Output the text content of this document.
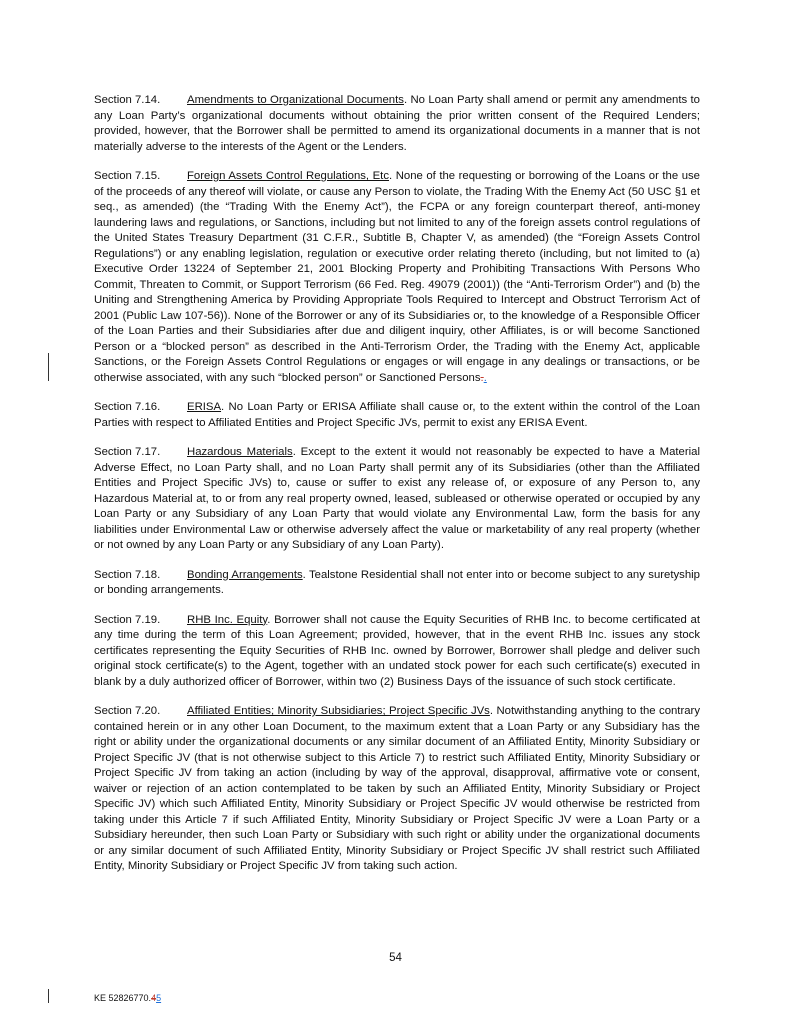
Section 7.14. Amendments to Organizational Documents. No Loan Party shall amend or permit any amendments to any Loan Party’s organizational documents without obtaining the prior written consent of the Required Lenders; provided, however, that the Borrower shall be permitted to amend its organizational documents in a manner that is not materially adverse to the interests of the Agent or the Lenders.

Section 7.15. Foreign Assets Control Regulations, Etc. None of the requesting or borrowing of the Loans or the use of the proceeds of any thereof will violate, or cause any Person to violate, the Trading With the Enemy Act (50 USC §1 et seq., as amended) (the “Trading With the Enemy Act”), the FCPA or any foreign counterpart thereof, anti-money laundering laws and regulations, or Sanctions, including but not limited to any of the foreign assets control regulations of the United States Treasury Department (31 C.F.R., Subtitle B, Chapter V, as amended) (the “Foreign Assets Control Regulations”) or any enabling legislation, regulation or executive order relating thereto (including, but not limited to (a) Executive Order 13224 of September 21, 2001 Blocking Property and Prohibiting Transactions With Persons Who Commit, Threaten to Commit, or Support Terrorism (66 Fed. Reg. 49079 (2001)) (the “Anti-Terrorism Order”) and (b) the Uniting and Strengthening America by Providing Appropriate Tools Required to Intercept and Obstruct Terrorism Act of 2001 (Public Law 107-56)). None of the Borrower or any of its Subsidiaries or, to the knowledge of a Responsible Officer of the Loan Parties and their Subsidiaries after due and diligent inquiry, other Affiliates, is or will become Sanctioned Person or a “blocked person” as described in the Anti-Terrorism Order, the Trading with the Enemy Act, applicable Sanctions, or the Foreign Assets Control Regulations or engages or will engage in any dealings or transactions, or be otherwise associated, with any such “blocked person” or Sanctioned Persons..

Section 7.16. ERISA. No Loan Party or ERISA Affiliate shall cause or, to the extent within the control of the Loan Parties with respect to Affiliated Entities and Project Specific JVs, permit to exist any ERISA Event.

Section 7.17. Hazardous Materials. Except to the extent it would not reasonably be expected to have a Material Adverse Effect, no Loan Party shall, and no Loan Party shall permit any of its Subsidiaries (other than the Affiliated Entities and Project Specific JVs) to, cause or suffer to exist any release of, or exposure of any Person to, any Hazardous Material at, to or from any real property owned, leased, subleased or otherwise operated or occupied by any Loan Party or any Subsidiary of any Loan Party that would violate any Environmental Law, form the basis for any liabilities under Environmental Law or otherwise adversely affect the value or marketability of any real property (whether or not owned by any Loan Party or any Subsidiary of any Loan Party).

Section 7.18. Bonding Arrangements. Tealstone Residential shall not enter into or become subject to any suretyship or bonding arrangements.

Section 7.19. RHB Inc. Equity. Borrower shall not cause the Equity Securities of RHB Inc. to become certificated at any time during the term of this Loan Agreement; provided, however, that in the event RHB Inc. issues any stock certificates representing the Equity Securities of RHB Inc. owned by Borrower, Borrower shall pledge and deliver such original stock certificate(s) to the Agent, together with an undated stock power for each such certificate(s) executed in blank by a duly authorized officer of Borrower, within two (2) Business Days of the issuance of such stock certificate.

Section 7.20. Affiliated Entities; Minority Subsidiaries; Project Specific JVs. Notwithstanding anything to the contrary contained herein or in any other Loan Document, to the maximum extent that a Loan Party or any Subsidiary has the right or ability under the organizational documents or any similar document of an Affiliated Entity, Minority Subsidiary or Project Specific JV (that is not otherwise subject to this Article 7) to restrict such Affiliated Entity, Minority Subsidiary or Project Specific JV from taking an action (including by way of the approval, disapproval, affirmative vote or consent, waiver or rejection of an action contemplated to be taken by such an Affiliated Entity, Minority Subsidiary or Project Specific JV) which such Affiliated Entity, Minority Subsidiary or Project Specific JV would otherwise be restricted from taking under this Article 7 if such Affiliated Entity, Minority Subsidiary or Project Specific JV were a Loan Party or a Subsidiary hereunder, then such Loan Party or Subsidiary with such right or ability under the organizational documents or any similar document of such Affiliated Entity, Minority Subsidiary or Project Specific JV shall restrict such Affiliated Entity, Minority Subsidiary or Project Specific JV from taking such action.

54
KE 52826770.45
